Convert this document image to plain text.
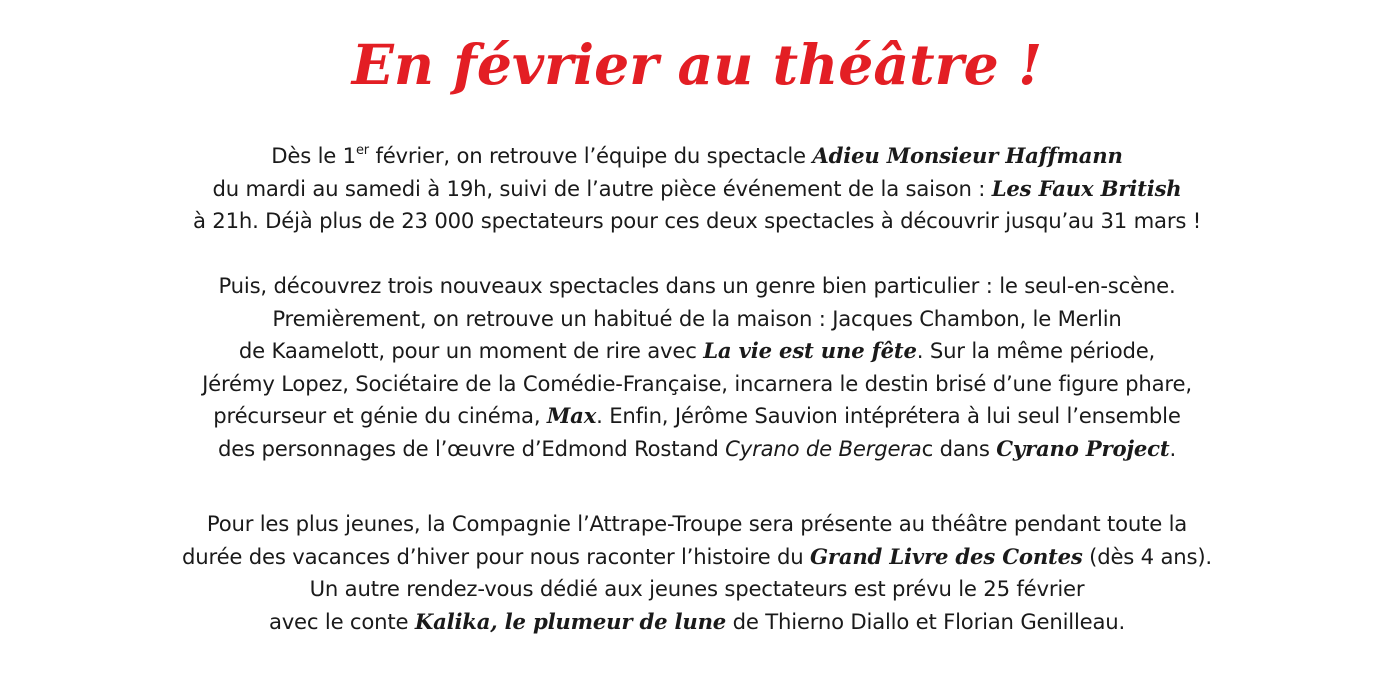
En février au théâtre !

Dès le 1er février, on retrouve l’équipe du spectacle Adieu Monsieur Haffmann
du mardi au samedi à 19h, suivi de l’autre pièce événement de la saison : Les Faux British
à 21h. Déjà plus de 23 000 spectateurs pour ces deux spectacles à découvrir jusqu’au 31 mars !

Puis, découvrez trois nouveaux spectacles dans un genre bien particulier : le seul-en-scène.
Premièrement, on retrouve un habitué de la maison : Jacques Chambon, le Merlin
de Kaamelott, pour un moment de rire avec La vie est une fête. Sur la même période,
Jérémy Lopez, Sociétaire de la Comédie-Française, incarnera le destin brisé d’une figure phare,
précurseur et génie du cinéma, Max. Enfin, Jérôme Sauvion intéprétera à lui seul l’ensemble
des personnages de l’œuvre d’Edmond Rostand Cyrano de Bergerac dans Cyrano Project.

Pour les plus jeunes, la Compagnie l’Attrape-Troupe sera présente au théâtre pendant toute la
durée des vacances d’hiver pour nous raconter l’histoire du Grand Livre des Contes (dès 4 ans).
Un autre rendez-vous dédié aux jeunes spectateurs est prévu le 25 février
avec le conte Kalika, le plumeur de lune de Thierno Diallo et Florian Genilleau.
